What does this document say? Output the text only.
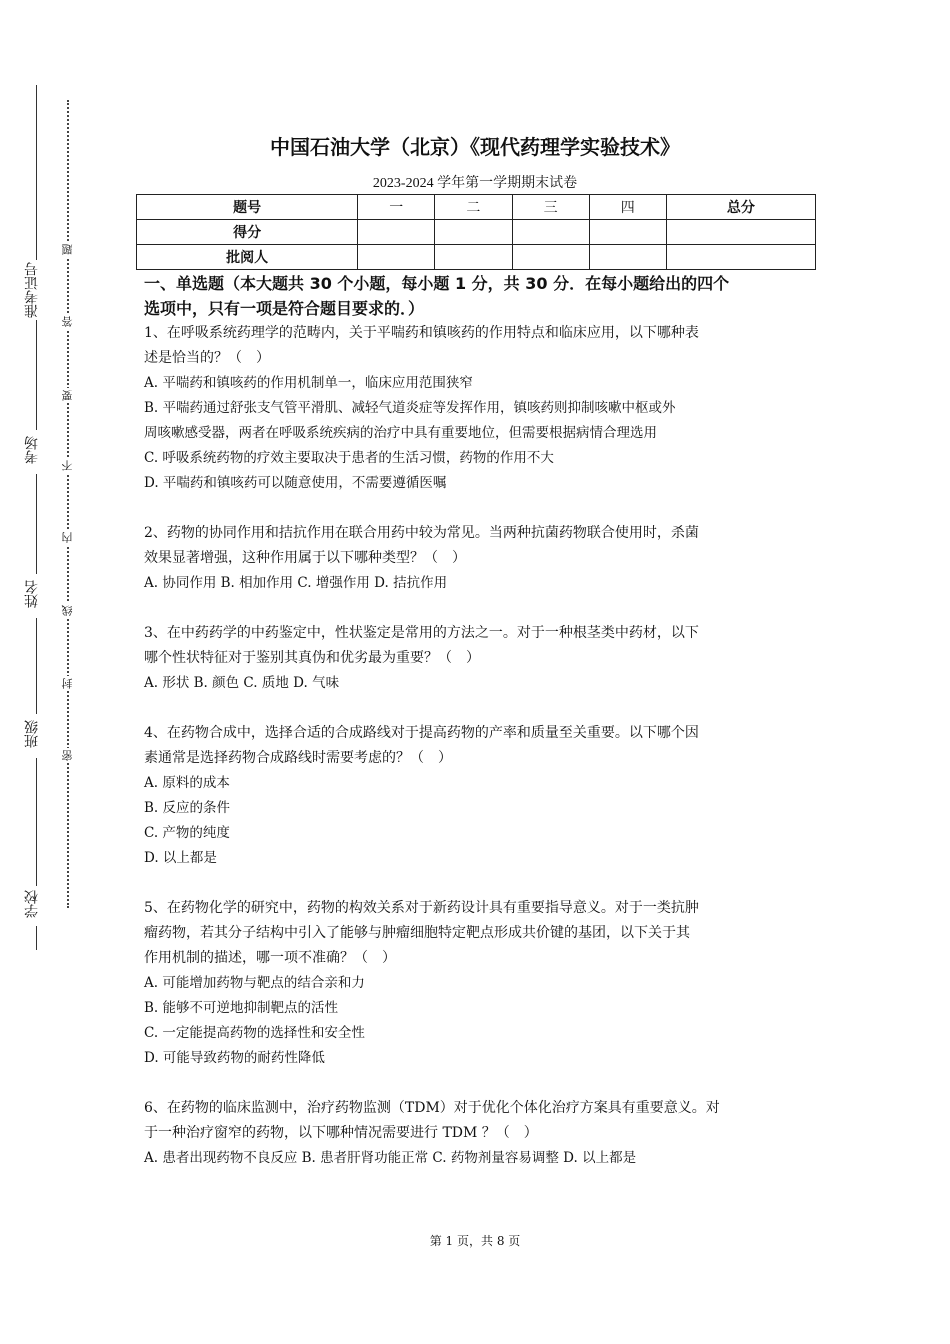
准考证号
考场
姓名
班级
学校
题
答
要
不
内
线
封
密
中国石油大学（北京）《现代药理学实验技术》
2023-2024 学年第一学期期末试卷
题号	一	二	三	四	总分
得分					
批阅人					
一、单选题（本大题共 30 个小题，每小题 1 分，共 30 分．在每小题给出的四个
选项中，只有一项是符合题目要求的．）
1、在呼吸系统药理学的范畴内，关于平喘药和镇咳药的作用特点和临床应用，以下哪种表
述是恰当的？（　）
A. 平喘药和镇咳药的作用机制单一，临床应用范围狭窄
B. 平喘药通过舒张支气管平滑肌、减轻气道炎症等发挥作用，镇咳药则抑制咳嗽中枢或外
周咳嗽感受器，两者在呼吸系统疾病的治疗中具有重要地位，但需要根据病情合理选用
C. 呼吸系统药物的疗效主要取决于患者的生活习惯，药物的作用不大
D. 平喘药和镇咳药可以随意使用，不需要遵循医嘱
2、药物的协同作用和拮抗作用在联合用药中较为常见。当两种抗菌药物联合使用时，杀菌
效果显著增强，这种作用属于以下哪种类型？（　）
A. 协同作用 B. 相加作用 C. 增强作用 D. 拮抗作用
3、在中药药学的中药鉴定中，性状鉴定是常用的方法之一。对于一种根茎类中药材，以下
哪个性状特征对于鉴别其真伪和优劣最为重要？（　）
A. 形状 B. 颜色 C. 质地 D. 气味
4、在药物合成中，选择合适的合成路线对于提高药物的产率和质量至关重要。以下哪个因
素通常是选择药物合成路线时需要考虑的？（　）
A. 原料的成本
B. 反应的条件
C. 产物的纯度
D. 以上都是
5、在药物化学的研究中，药物的构效关系对于新药设计具有重要指导意义。对于一类抗肿
瘤药物，若其分子结构中引入了能够与肿瘤细胞特定靶点形成共价键的基团，以下关于其
作用机制的描述，哪一项不准确？（　）
A. 可能增加药物与靶点的结合亲和力
B. 能够不可逆地抑制靶点的活性
C. 一定能提高药物的选择性和安全性
D. 可能导致药物的耐药性降低
6、在药物的临床监测中，治疗药物监测（TDM）对于优化个体化治疗方案具有重要意义。对
于一种治疗窗窄的药物，以下哪种情况需要进行 TDM ？（　）
A. 患者出现药物不良反应 B. 患者肝肾功能正常 C. 药物剂量容易调整 D. 以上都是
第 1 页，共 8 页
